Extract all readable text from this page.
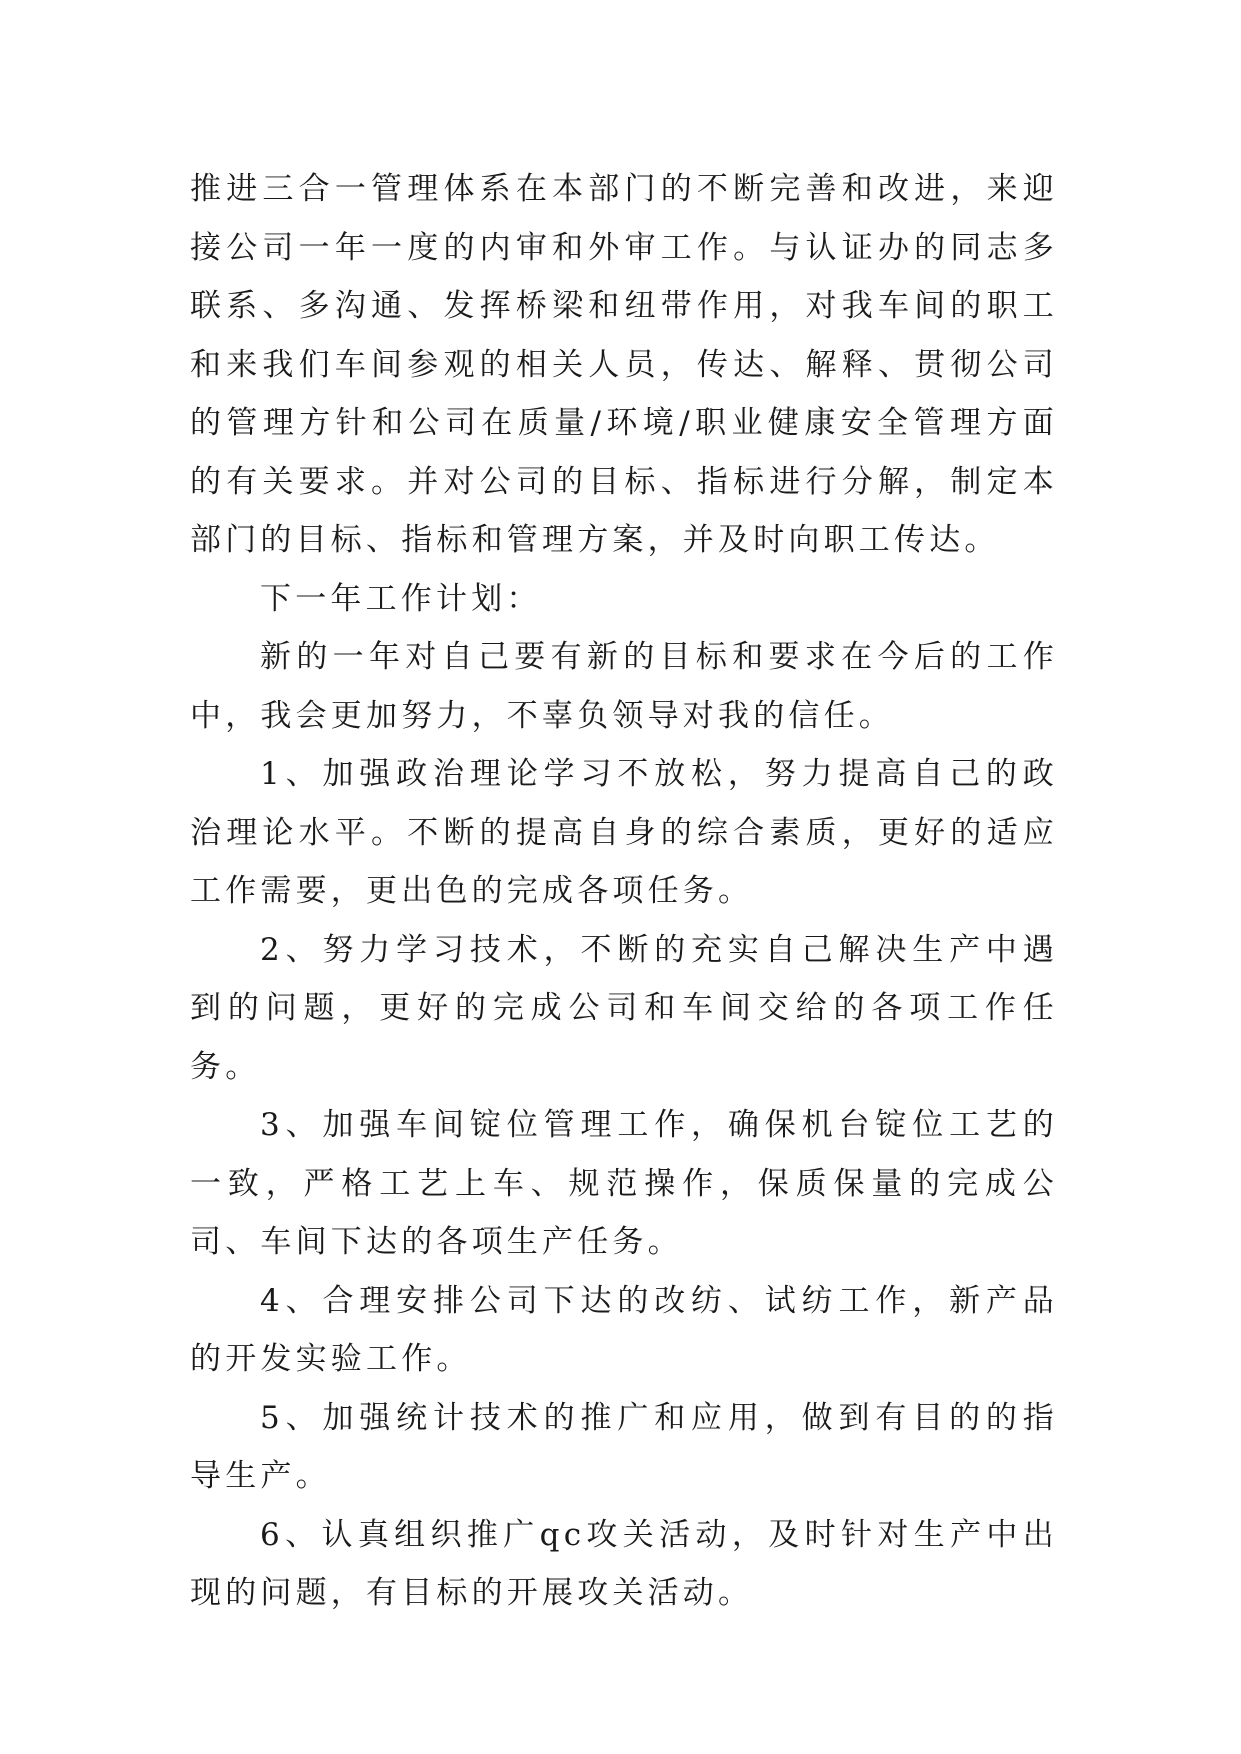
推进三合一管理体系在本部门的不断完善和改进，来迎接公司一年一度的内审和外审工作。与认证办的同志多联系、多沟通、发挥桥梁和纽带作用，对我车间的职工和来我们车间参观的相关人员，传达、解释、贯彻公司的管理方针和公司在质量/环境/职业健康安全管理方面的有关要求。并对公司的目标、指标进行分解，制定本部门的目标、指标和管理方案，并及时向职工传达。

下一年工作计划：

新的一年对自己要有新的目标和要求在今后的工作中，我会更加努力，不辜负领导对我的信任。

1、加强政治理论学习不放松，努力提高自己的政治理论水平。不断的提高自身的综合素质，更好的适应工作需要，更出色的完成各项任务。

2、努力学习技术，不断的充实自己解决生产中遇到的问题，更好的完成公司和车间交给的各项工作任务。

3、加强车间锭位管理工作，确保机台锭位工艺的一致，严格工艺上车、规范操作，保质保量的完成公司、车间下达的各项生产任务。

4、合理安排公司下达的改纺、试纺工作，新产品的开发实验工作。

5、加强统计技术的推广和应用，做到有目的的指导生产。

6、认真组织推广qc攻关活动，及时针对生产中出现的问题，有目标的开展攻关活动。
